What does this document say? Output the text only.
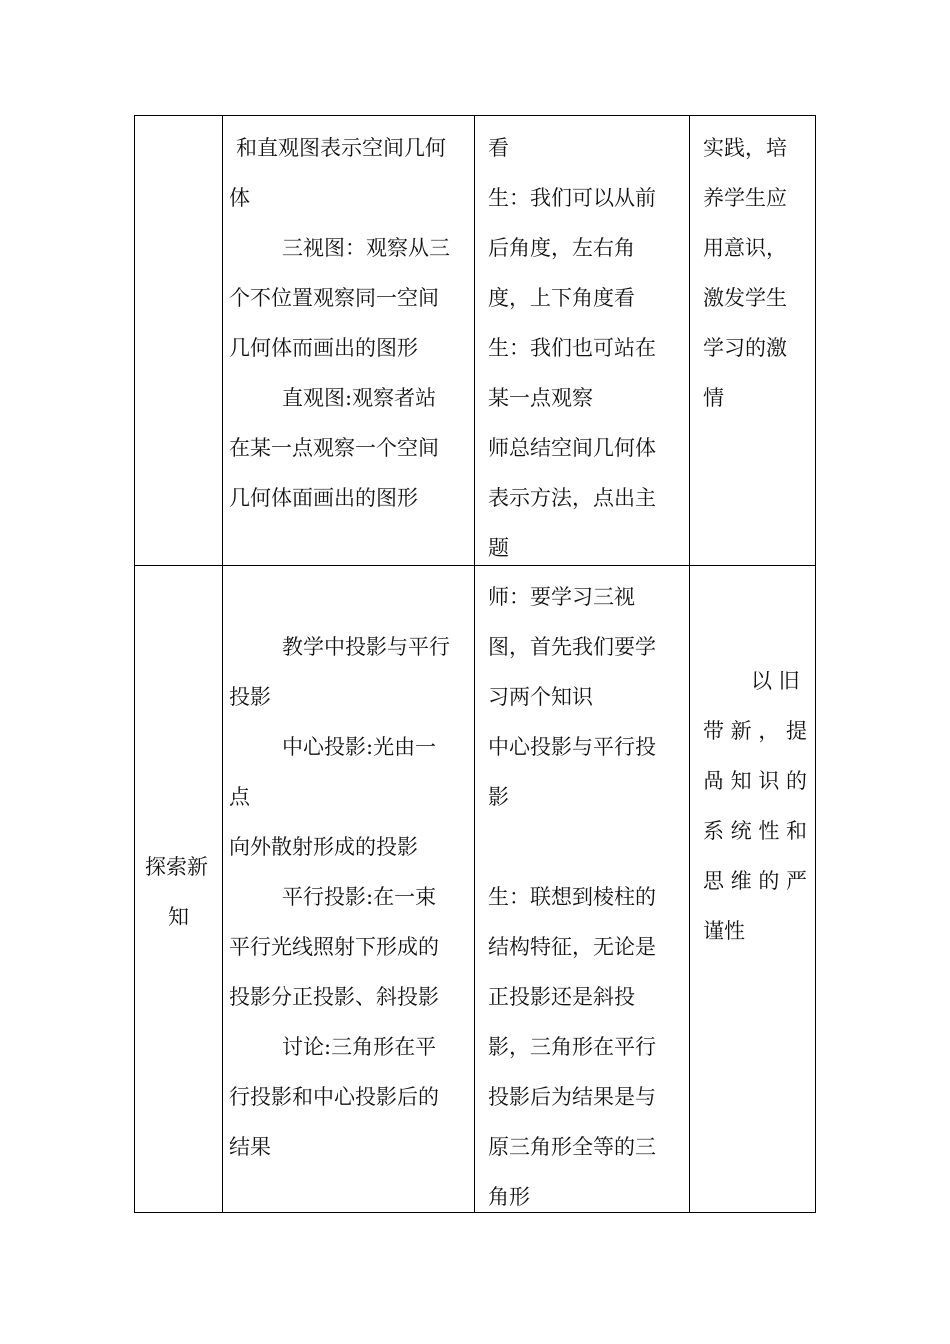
和直观图表示空间几何
体
三视图：观察从三
个不位置观察同一空间
几何体而画出的图形
直观图:观察者站
在某一点观察一个空间
几何体面画出的图形
看
生：我们可以从前
后角度，左右角
度，上下角度看
生：我们也可站在
某一点观察
师总结空间几何体
表示方法，点出主
题
实践，培
养学生应
用意识，
激发学生
学习的激
情
探索新
知
教学中投影与平行
投影
中心投影:光由一
点
向外散射形成的投影
平行投影:在一束
平行光线照射下形成的
投影分正投影、斜投影
讨论:三角形在平
行投影和中心投影后的
结果
师：要学习三视
图，首先我们要学
习两个知识
中心投影与平行投
影
生：联想到棱柱的
结构特征，无论是
正投影还是斜投
影，三角形在平行
投影后为结果是与
原三角形全等的三
角形
以 旧
带 新 ， 提
咼 知 识 的
系 统 性 和
思 维 的 严
谨性
